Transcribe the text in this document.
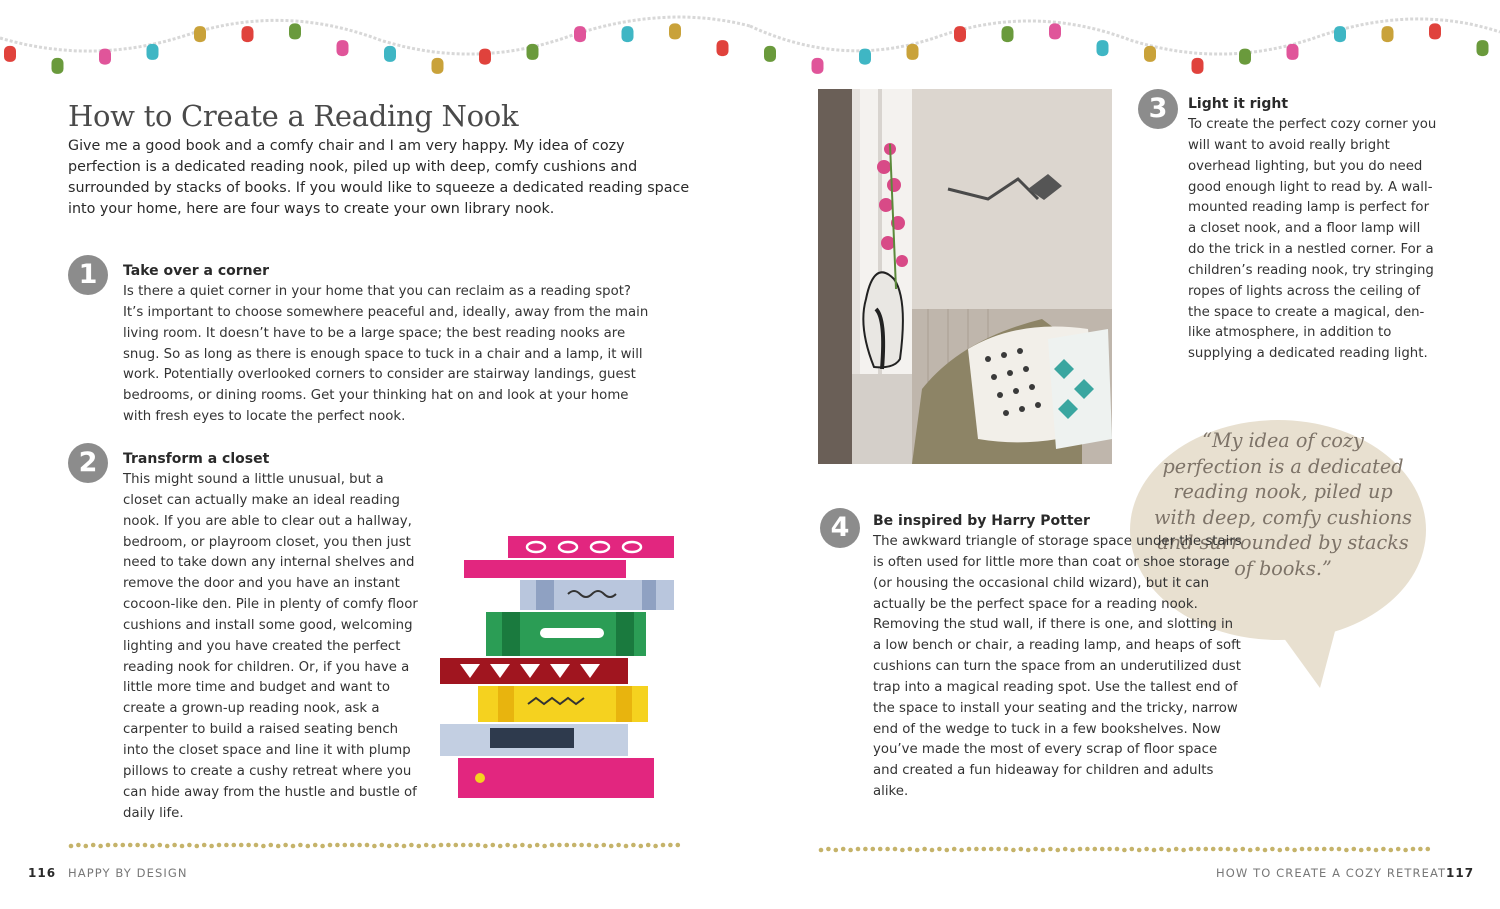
How to Create a Reading Nook

Give me a good book and a comfy chair and I am very happy. My idea of cozy perfection is a dedicated reading nook, piled up with deep, comfy cushions and surrounded by stacks of books. If you would like to squeeze a dedicated reading space into your home, here are four ways to create your own library nook.

1	Take over a corner
Is there a quiet corner in your home that you can reclaim as a reading spot? It’s important to choose somewhere peaceful and, ideally, away from the main living room. It doesn’t have to be a large space; the best reading nooks are snug. So as long as there is enough space to tuck in a chair and a lamp, it will work. Potentially overlooked corners to consider are stairway landings, guest bedrooms, or dining rooms. Get your thinking hat on and look at your home with fresh eyes to locate the perfect nook.
2	Transform a closet
This might sound a little unusual, but a closet can actually make an ideal reading nook. If you are able to clear out a hallway, bedroom, or playroom closet, you then just need to take down any internal shelves and remove the door and you have an instant cocoon-like den. Pile in plenty of comfy floor cushions and install some good, welcoming lighting and you have created the perfect reading nook for children. Or, if you have a little more time and budget and want to create a grown-up reading nook, ask a carpenter to build a raised seating bench into the closet space and line it with plump pillows to create a cushy retreat where you can hide away from the hustle and bustle of daily life.
3	Light it right
To create the perfect cozy corner you will want to avoid really bright overhead lighting, but you do need good enough light to read by. A wall-mounted reading lamp is perfect for a closet nook, and a floor lamp will do the trick in a nestled corner. For a children’s reading nook, try stringing ropes of lights across the ceiling of the space to create a magical, den-like atmosphere, in addition to supplying a dedicated reading light.
“My idea of cozy perfection is a dedicated reading nook, piled up with deep, comfy cushions and surrounded by stacks of books.”
4	Be inspired by Harry Potter
The awkward triangle of storage space under the stairs is often used for little more than coat or shoe storage (or housing the occasional child wizard), but it can actually be the perfect space for a reading nook. Removing the stud wall, if there is one, and slotting in a low bench or chair, a reading lamp, and heaps of soft cushions can turn the space from an underutilized dust trap into a magical reading spot. Use the tallest end of the space to install your seating and the tricky, narrow end of the wedge to tuck in a few bookshelves. Now you’ve made the most of every scrap of floor space and created a fun hideaway for children and adults alike.
116 HAPPY BY DESIGN	HOW TO CREATE A COZY RETREAT 117
